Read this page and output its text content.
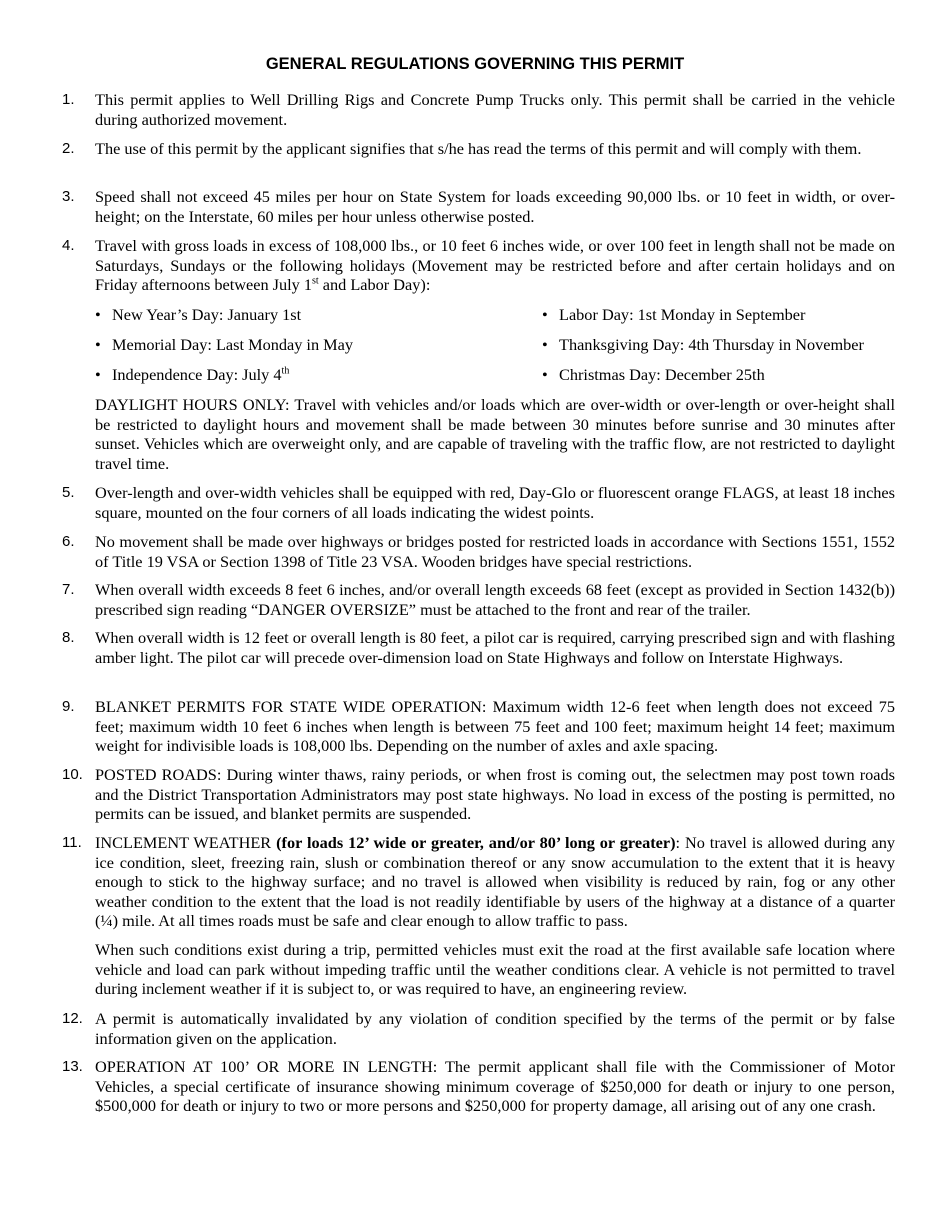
GENERAL REGULATIONS GOVERNING THIS PERMIT
1. This permit applies to Well Drilling Rigs and Concrete Pump Trucks only. This permit shall be carried in the vehicle during authorized movement.
2. The use of this permit by the applicant signifies that s/he has read the terms of this permit and will comply with them.
3. Speed shall not exceed 45 miles per hour on State System for loads exceeding 90,000 lbs. or 10 feet in width, or over-height; on the Interstate, 60 miles per hour unless otherwise posted.
4. Travel with gross loads in excess of 108,000 lbs., or 10 feet 6 inches wide, or over 100 feet in length shall not be made on Saturdays, Sundays or the following holidays (Movement may be restricted before and after certain holidays and on Friday afternoons between July 1st and Labor Day):
• New Year’s Day: January 1st	• Labor Day: 1st Monday in September
• Memorial Day: Last Monday in May	• Thanksgiving Day: 4th Thursday in November
• Independence Day: July 4th	• Christmas Day: December 25th
DAYLIGHT HOURS ONLY: Travel with vehicles and/or loads which are over-width or over-length or over-height shall be restricted to daylight hours and movement shall be made between 30 minutes before sunrise and 30 minutes after sunset. Vehicles which are overweight only, and are capable of traveling with the traffic flow, are not restricted to daylight travel time.
5. Over-length and over-width vehicles shall be equipped with red, Day-Glo or fluorescent orange FLAGS, at least 18 inches square, mounted on the four corners of all loads indicating the widest points.
6. No movement shall be made over highways or bridges posted for restricted loads in accordance with Sections 1551, 1552 of Title 19 VSA or Section 1398 of Title 23 VSA. Wooden bridges have special restrictions.
7. When overall width exceeds 8 feet 6 inches, and/or overall length exceeds 68 feet (except as provided in Section 1432(b)) prescribed sign reading “DANGER OVERSIZE” must be attached to the front and rear of the trailer.
8. When overall width is 12 feet or overall length is 80 feet, a pilot car is required, carrying prescribed sign and with flashing amber light. The pilot car will precede over-dimension load on State Highways and follow on Interstate Highways.
9. BLANKET PERMITS FOR STATE WIDE OPERATION: Maximum width 12-6 feet when length does not exceed 75 feet; maximum width 10 feet 6 inches when length is between 75 feet and 100 feet; maximum height 14 feet; maximum weight for indivisible loads is 108,000 lbs. Depending on the number of axles and axle spacing.
10. POSTED ROADS: During winter thaws, rainy periods, or when frost is coming out, the selectmen may post town roads and the District Transportation Administrators may post state highways. No load in excess of the posting is permitted, no permits can be issued, and blanket permits are suspended.
11. INCLEMENT WEATHER (for loads 12’ wide or greater, and/or 80’ long or greater): No travel is allowed during any ice condition, sleet, freezing rain, slush or combination thereof or any snow accumulation to the extent that it is heavy enough to stick to the highway surface; and no travel is allowed when visibility is reduced by rain, fog or any other weather condition to the extent that the load is not readily identifiable by users of the highway at a distance of a quarter (¼) mile. At all times roads must be safe and clear enough to allow traffic to pass.
When such conditions exist during a trip, permitted vehicles must exit the road at the first available safe location where vehicle and load can park without impeding traffic until the weather conditions clear. A vehicle is not permitted to travel during inclement weather if it is subject to, or was required to have, an engineering review.
12. A permit is automatically invalidated by any violation of condition specified by the terms of the permit or by false information given on the application.
13. OPERATION AT 100’ OR MORE IN LENGTH: The permit applicant shall file with the Commissioner of Motor Vehicles, a special certificate of insurance showing minimum coverage of $250,000 for death or injury to one person, $500,000 for death or injury to two or more persons and $250,000 for property damage, all arising out of any one crash.
